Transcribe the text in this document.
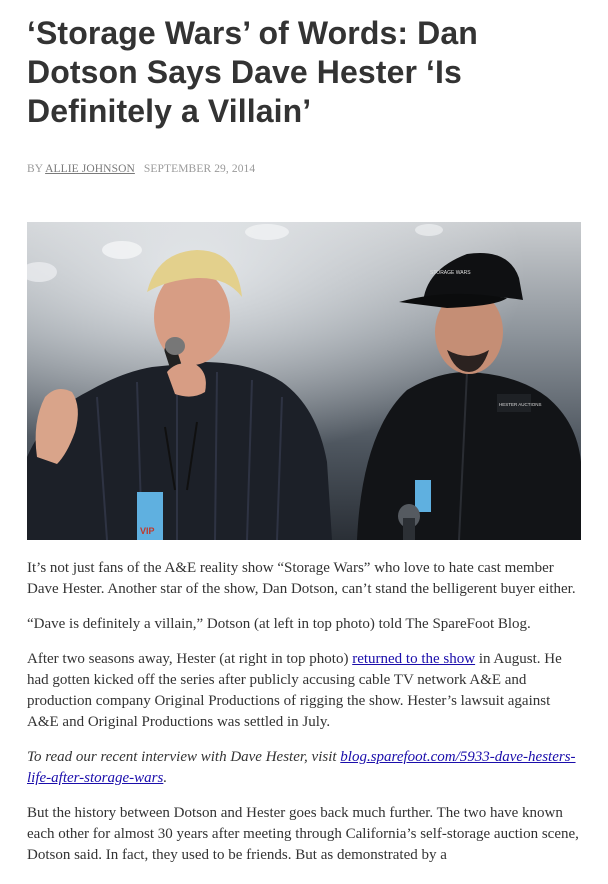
‘Storage Wars’ of Words: Dan Dotson Says Dave Hester ‘Is Definitely a Villain’
BY ALLIE JOHNSON SEPTEMBER 29, 2014
VIP
HESTER AUCTIONS
STORAGE WARS

It’s not just fans of the A&E reality show “Storage Wars” who love to hate cast member Dave Hester. Another star of the show, Dan Dotson, can’t stand the belligerent buyer either.

“Dave is definitely a villain,” Dotson (at left in top photo) told The SpareFoot Blog.

After two seasons away, Hester (at right in top photo) returned to the show in August. He had gotten kicked off the series after publicly accusing cable TV network A&E and production company Original Productions of rigging the show. Hester’s lawsuit against A&E and Original Productions was settled in July.

To read our recent interview with Dave Hester, visit blog.sparefoot.com/5933-dave-hesters-life-after-storage-wars.

But the history between Dotson and Hester goes back much further. The two have known each other for almost 30 years after meeting through California’s self-storage auction scene, Dotson said. In fact, they used to be friends. But as demonstrated by a
